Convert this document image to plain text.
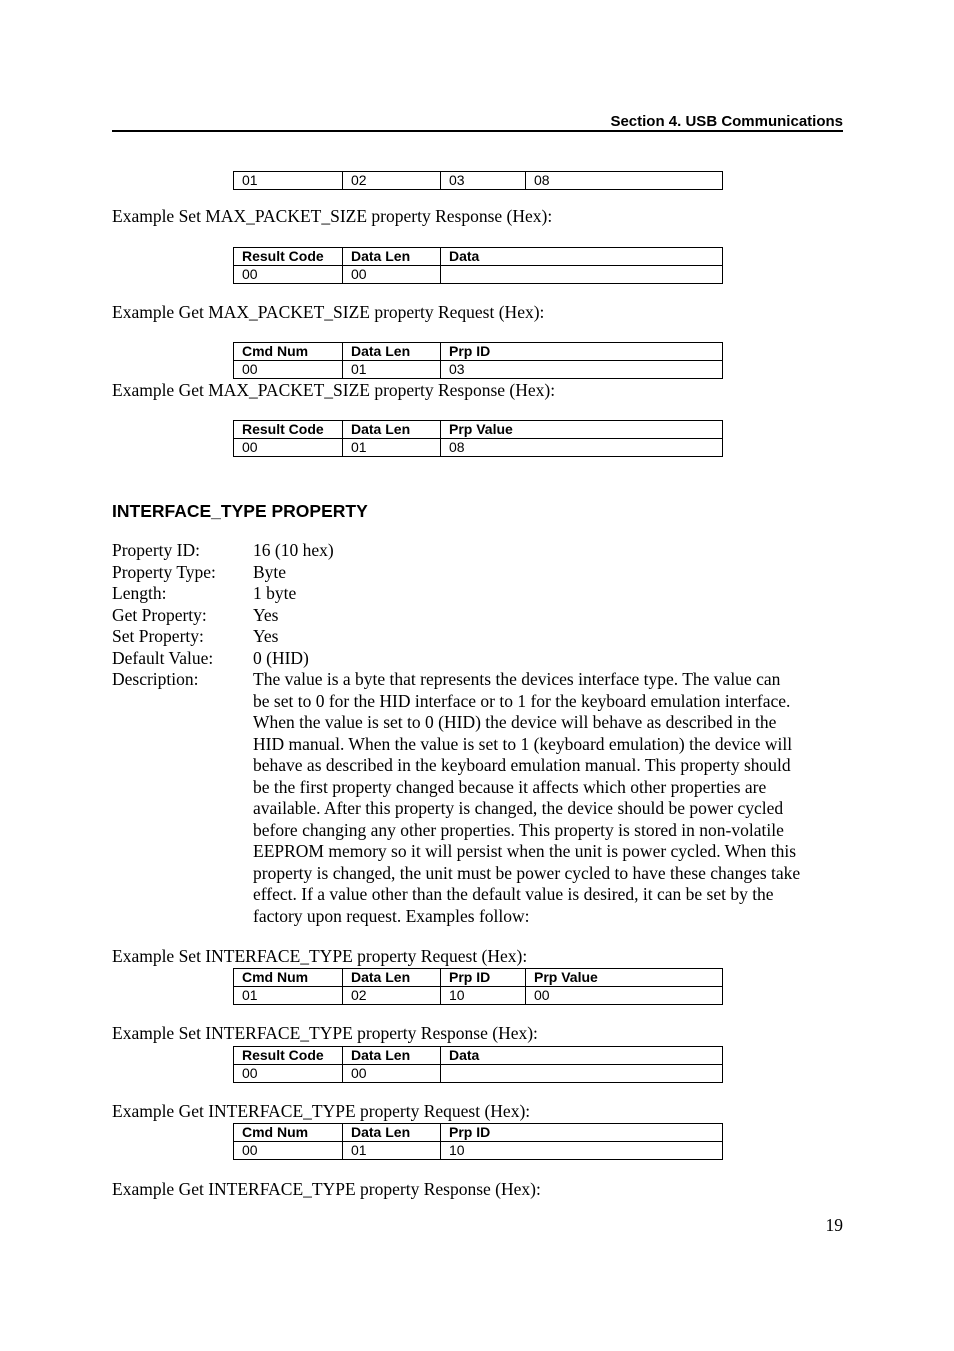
Section 4. USB Communications
01	02	03	08
Example Set MAX_PACKET_SIZE property Response (Hex):
Result Code	Data Len	Data
00	00	
Example Get MAX_PACKET_SIZE property Request (Hex):
Cmd Num	Data Len	Prp ID
00	01	03
Example Get MAX_PACKET_SIZE property Response (Hex):
Result Code	Data Len	Prp Value
00	01	08
INTERFACE_TYPE PROPERTY
Property ID:	16 (10 hex)
Property Type: Byte
Length:	1 byte
Get Property:	Yes
Set Property:	Yes
Default Value: 0 (HID)
Description:	The value is a byte that represents the devices interface type. The value can
be set to 0 for the HID interface or to 1 for the keyboard emulation interface.
When the value is set to 0 (HID) the device will behave as described in the
HID manual. When the value is set to 1 (keyboard emulation) the device will
behave as described in the keyboard emulation manual. This property should
be the first property changed because it affects which other properties are
available. After this property is changed, the device should be power cycled
before changing any other properties. This property is stored in non-volatile
EEPROM memory so it will persist when the unit is power cycled. When this
property is changed, the unit must be power cycled to have these changes take
effect. If a value other than the default value is desired, it can be set by the
factory upon request. Examples follow:
Example Set INTERFACE_TYPE property Request (Hex):
Cmd Num	Data Len	Prp ID	Prp Value
01	02	10	00
Example Set INTERFACE_TYPE property Response (Hex):
Result Code	Data Len	Data
00	00	
Example Get INTERFACE_TYPE property Request (Hex):
Cmd Num	Data Len	Prp ID
00	01	10
Example Get INTERFACE_TYPE property Response (Hex):
19
